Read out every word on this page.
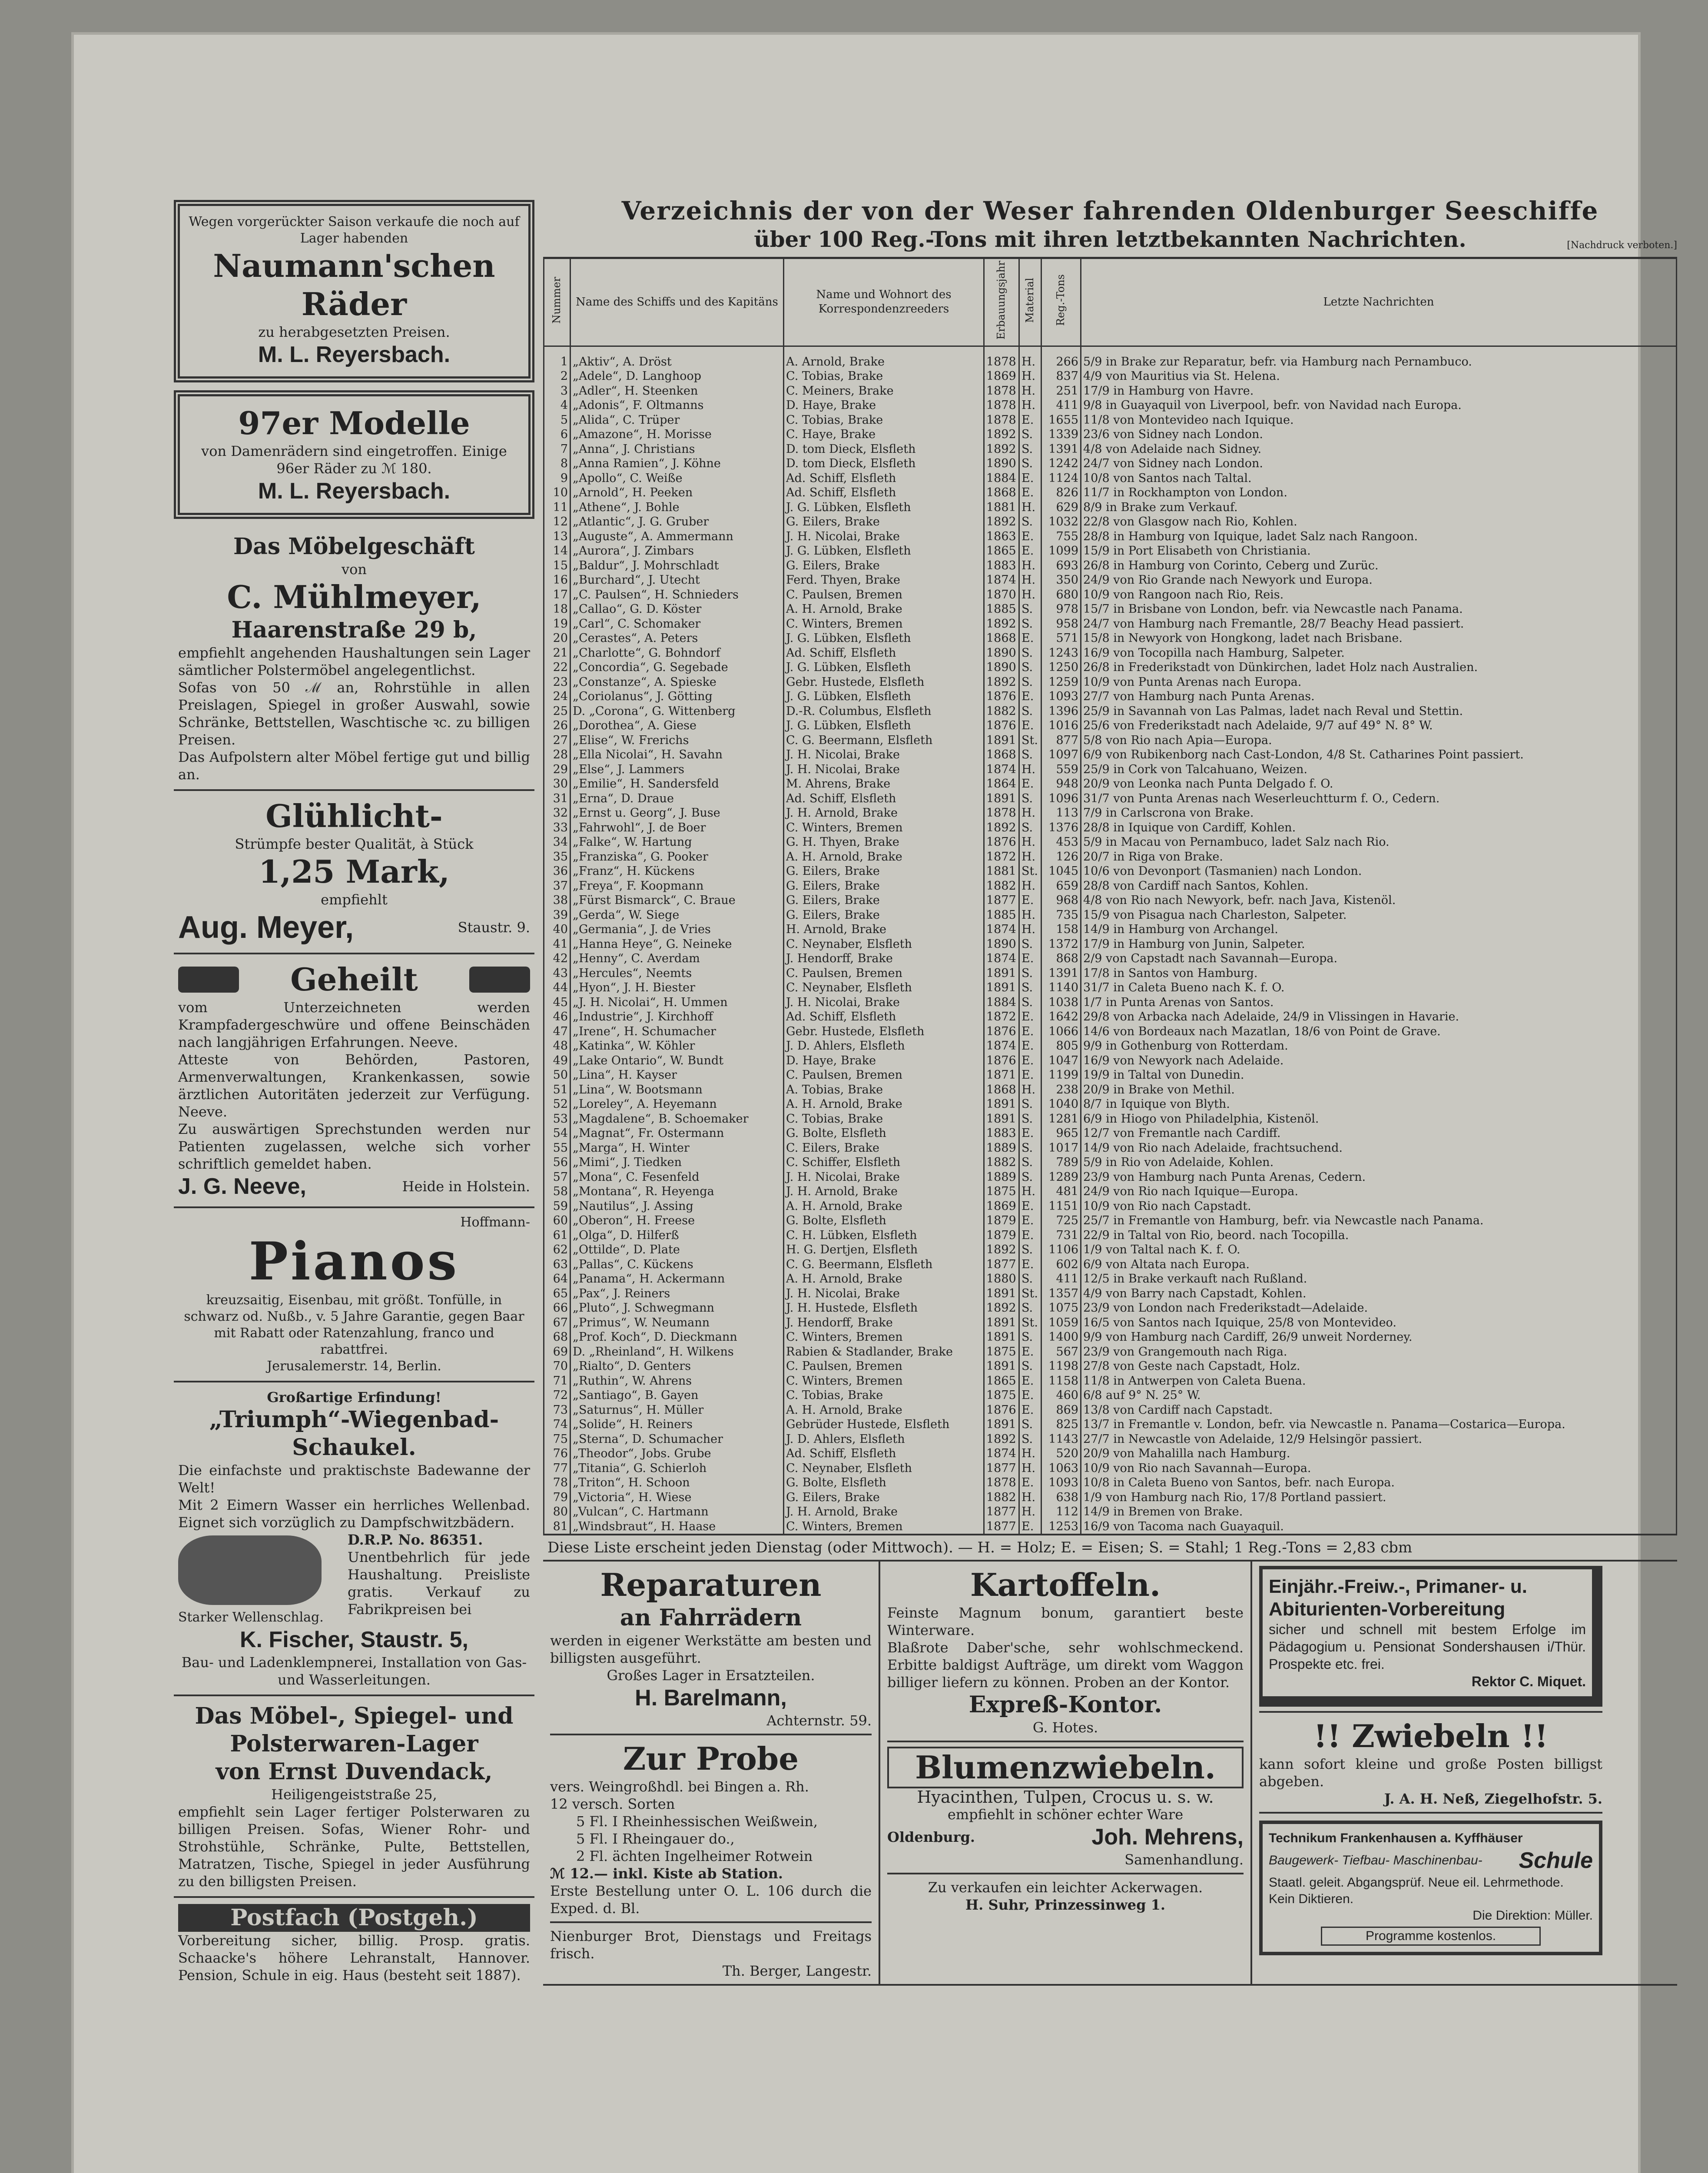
Wegen vorgerückter Saison verkaufe die noch auf Lager habenden
Naumann'schen
Räder
zu herabgesetzten Preisen.
M. L. Reyersbach.
97er Modelle
von Damenrädern sind eingetroffen. Einige 96er Räder zu ℳ 180.
M. L. Reyersbach.
Das Möbelgeschäft
von
C. Mühlmeyer,
Haarenstraße 29 b,
empfiehlt angehenden Haushaltungen sein Lager sämtlicher Polstermöbel angelegentlichst.
Sofas von 50 ℳ an, Rohrstühle in allen Preislagen, Spiegel in großer Auswahl, sowie Schränke, Bettstellen, Waschtische ꝛc. zu billigen Preisen.
Das Aufpolstern alter Möbel fertige gut und billig an.
Glühlicht-
Strümpfe bester Qualität, à Stück
1,25 Mark,
empfiehlt
Aug. Meyer,	Staustr. 9.
Geheilt
vom Unterzeichneten werden Krampfadergeschwüre und offene Beinschäden nach langjährigen Erfahrungen. Neeve.
Atteste von Behörden, Pastoren, Armenverwaltungen, Krankenkassen, sowie ärztlichen Autoritäten jederzeit zur Verfügung. Neeve.
Zu auswärtigen Sprechstunden werden nur Patienten zugelassen, welche sich vorher schriftlich gemeldet haben.
J. G. Neeve,	Heide in Holstein.
Hoffmann-
Pianos
kreuzsaitig, Eisenbau, mit größt. Tonfülle, in schwarz od. Nußb., v. 5 Jahre Garantie, gegen Baar mit Rabatt oder Ratenzahlung, franco und rabattfrei.
Jerusalemerstr. 14, Berlin.
Großartige Erfindung!
„Triumph“-Wiegenbad-Schaukel.
Die einfachste und praktischste Badewanne der Welt!
Mit 2 Eimern Wasser ein herrliches Wellenbad. Eignet sich vorzüglich zu Dampfschwitzbädern.
Starker Wellenschlag.
D.R.P. No. 86351.
Unentbehrlich für jede Haushaltung. Preisliste gratis. Verkauf zu Fabrikpreisen bei
K. Fischer, Staustr. 5,
Bau- und Ladenklempnerei, Installation von Gas- und Wasserleitungen.
Das Möbel-, Spiegel- und Polsterwaren-Lager
von Ernst Duvendack,
Heiligengeiststraße 25,
empfiehlt sein Lager fertiger Polsterwaren zu billigen Preisen. Sofas, Wiener Rohr- und Strohstühle, Schränke, Pulte, Bettstellen, Matratzen, Tische, Spiegel in jeder Ausführung zu den billigsten Preisen.
Postfach (Postgeh.)
Vorbereitung sicher, billig. Prosp. gratis. Schaacke's höhere Lehranstalt, Hannover. Pension, Schule in eig. Haus (besteht seit 1887).
Verzeichnis der von der Weser fahrenden Oldenburger Seeschiffe
über 100 Reg.-Tons mit ihren letztbekannten Nachrichten.	[Nachdruck verboten.]
Nummer	Name des Schiffs und des Kapitäns	Name und Wohnort des Korrespondenzreeders	Erbauungsjahr	Material	Reg.-Tons	Letzte Nachrichten
1	„Aktiv“, A. Dröst	A. Arnold, Brake	1878	H.	266	5/9 in Brake zur Reparatur, befr. via Hamburg nach Pernambuco.
2	„Adele“, D. Langhoop	C. Tobias, Brake	1869	H.	837	4/9 von Mauritius via St. Helena.
3	„Adler“, H. Steenken	C. Meiners, Brake	1878	H.	251	17/9 in Hamburg von Havre.
4	„Adonis“, F. Oltmanns	D. Haye, Brake	1878	H.	411	9/8 in Guayaquil von Liverpool, befr. von Navidad nach Europa.
5	„Alida“, C. Trüper	C. Tobias, Brake	1878	E.	1655	11/8 von Montevideo nach Iquique.
6	„Amazone“, H. Morisse	C. Haye, Brake	1892	S.	1339	23/6 von Sidney nach London.
7	„Anna“, J. Christians	D. tom Dieck, Elsfleth	1892	S.	1391	4/8 von Adelaide nach Sidney.
8	„Anna Ramien“, J. Köhne	D. tom Dieck, Elsfleth	1890	S.	1242	24/7 von Sidney nach London.
9	„Apollo“, C. Weiße	Ad. Schiff, Elsfleth	1884	E.	1124	10/8 von Santos nach Taltal.
10	„Arnold“, H. Peeken	Ad. Schiff, Elsfleth	1868	E.	826	11/7 in Rockhampton von London.
11	„Athene“, J. Bohle	J. G. Lübken, Elsfleth	1881	H.	629	8/9 in Brake zum Verkauf.
12	„Atlantic“, J. G. Gruber	G. Eilers, Brake	1892	S.	1032	22/8 von Glasgow nach Rio, Kohlen.
13	„Auguste“, A. Ammermann	J. H. Nicolai, Brake	1863	E.	755	28/8 in Hamburg von Iquique, ladet Salz nach Rangoon.
14	„Aurora“, J. Zimbars	J. G. Lübken, Elsfleth	1865	E.	1099	15/9 in Port Elisabeth von Christiania.
15	„Baldur“, J. Mohrschladt	G. Eilers, Brake	1883	H.	693	26/8 in Hamburg von Corinto, Ceberg und Zurüc.
16	„Burchard“, J. Utecht	Ferd. Thyen, Brake	1874	H.	350	24/9 von Rio Grande nach Newyork und Europa.
17	„C. Paulsen“, H. Schnieders	C. Paulsen, Bremen	1870	H.	680	10/9 von Rangoon nach Rio, Reis.
18	„Callao“, G. D. Köster	A. H. Arnold, Brake	1885	S.	978	15/7 in Brisbane von London, befr. via Newcastle nach Panama.
19	„Carl“, C. Schomaker	C. Winters, Bremen	1892	S.	958	24/7 von Hamburg nach Fremantle, 28/7 Beachy Head passiert.
20	„Cerastes“, A. Peters	J. G. Lübken, Elsfleth	1868	E.	571	15/8 in Newyork von Hongkong, ladet nach Brisbane.
21	„Charlotte“, G. Bohndorf	Ad. Schiff, Elsfleth	1890	S.	1243	16/9 von Tocopilla nach Hamburg, Salpeter.
22	„Concordia“, G. Segebade	J. G. Lübken, Elsfleth	1890	S.	1250	26/8 in Frederikstadt von Dünkirchen, ladet Holz nach Australien.
23	„Constanze“, A. Spieske	Gebr. Hustede, Elsfleth	1892	S.	1259	10/9 von Punta Arenas nach Europa.
24	„Coriolanus“, J. Götting	J. G. Lübken, Elsfleth	1876	E.	1093	27/7 von Hamburg nach Punta Arenas.
25	D. „Corona“, G. Wittenberg	D.-R. Columbus, Elsfleth	1882	S.	1396	25/9 in Savannah von Las Palmas, ladet nach Reval und Stettin.
26	„Dorothea“, A. Giese	J. G. Lübken, Elsfleth	1876	E.	1016	25/6 von Frederikstadt nach Adelaide, 9/7 auf 49° N. 8° W.
27	„Elise“, W. Frerichs	C. G. Beermann, Elsfleth	1891	St.	877	5/8 von Rio nach Apia—Europa.
28	„Ella Nicolai“, H. Savahn	J. H. Nicolai, Brake	1868	S.	1097	6/9 von Rubikenborg nach Cast-London, 4/8 St. Catharines Point passiert.
29	„Else“, J. Lammers	J. H. Nicolai, Brake	1874	H.	559	25/9 in Cork von Talcahuano, Weizen.
30	„Emilie“, H. Sandersfeld	M. Ahrens, Brake	1864	E.	948	20/9 von Leonka nach Punta Delgado f. O.
31	„Erna“, D. Draue	Ad. Schiff, Elsfleth	1891	S.	1096	31/7 von Punta Arenas nach Weserleuchtturm f. O., Cedern.
32	„Ernst u. Georg“, J. Buse	J. H. Arnold, Brake	1878	H.	113	7/9 in Carlscrona von Brake.
33	„Fahrwohl“, J. de Boer	C. Winters, Bremen	1892	S.	1376	28/8 in Iquique von Cardiff, Kohlen.
34	„Falke“, W. Hartung	G. H. Thyen, Brake	1876	H.	453	5/9 in Macau von Pernambuco, ladet Salz nach Rio.
35	„Franziska“, G. Pooker	A. H. Arnold, Brake	1872	H.	126	20/7 in Riga von Brake.
36	„Franz“, H. Kückens	G. Eilers, Brake	1881	St.	1045	10/6 von Devonport (Tasmanien) nach London.
37	„Freya“, F. Koopmann	G. Eilers, Brake	1882	H.	659	28/8 von Cardiff nach Santos, Kohlen.
38	„Fürst Bismarck“, C. Braue	G. Eilers, Brake	1877	E.	968	4/8 von Rio nach Newyork, befr. nach Java, Kistenöl.
39	„Gerda“, W. Siege	G. Eilers, Brake	1885	H.	735	15/9 von Pisagua nach Charleston, Salpeter.
40	„Germania“, J. de Vries	H. Arnold, Brake	1874	H.	158	14/9 in Hamburg von Archangel.
41	„Hanna Heye“, G. Neineke	C. Neynaber, Elsfleth	1890	S.	1372	17/9 in Hamburg von Junin, Salpeter.
42	„Henny“, C. Averdam	J. Hendorff, Brake	1874	E.	868	2/9 von Capstadt nach Savannah—Europa.
43	„Hercules“, Neemts	C. Paulsen, Bremen	1891	S.	1391	17/8 in Santos von Hamburg.
44	„Hyon“, J. H. Biester	C. Neynaber, Elsfleth	1891	S.	1140	31/7 in Caleta Bueno nach K. f. O.
45	„J. H. Nicolai“, H. Ummen	J. H. Nicolai, Brake	1884	S.	1038	1/7 in Punta Arenas von Santos.
46	„Industrie“, J. Kirchhoff	Ad. Schiff, Elsfleth	1872	E.	1642	29/8 von Arbacka nach Adelaide, 24/9 in Vlissingen in Havarie.
47	„Irene“, H. Schumacher	Gebr. Hustede, Elsfleth	1876	E.	1066	14/6 von Bordeaux nach Mazatlan, 18/6 von Point de Grave.
48	„Katinka“, W. Köhler	J. D. Ahlers, Elsfleth	1874	E.	805	9/9 in Gothenburg von Rotterdam.
49	„Lake Ontario“, W. Bundt	D. Haye, Brake	1876	E.	1047	16/9 von Newyork nach Adelaide.
50	„Lina“, H. Kayser	C. Paulsen, Bremen	1871	E.	1199	19/9 in Taltal von Dunedin.
51	„Lina“, W. Bootsmann	A. Tobias, Brake	1868	H.	238	20/9 in Brake von Methil.
52	„Loreley“, A. Heyemann	A. H. Arnold, Brake	1891	S.	1040	8/7 in Iquique von Blyth.
53	„Magdalene“, B. Schoemaker	C. Tobias, Brake	1891	S.	1281	6/9 in Hiogo von Philadelphia, Kistenöl.
54	„Magnat“, Fr. Ostermann	G. Bolte, Elsfleth	1883	E.	965	12/7 von Fremantle nach Cardiff.
55	„Marga“, H. Winter	C. Eilers, Brake	1889	S.	1017	14/9 von Rio nach Adelaide, frachtsuchend.
56	„Mimi“, J. Tiedken	C. Schiffer, Elsfleth	1882	S.	789	5/9 in Rio von Adelaide, Kohlen.
57	„Mona“, C. Fesenfeld	J. H. Nicolai, Brake	1889	S.	1289	23/9 von Hamburg nach Punta Arenas, Cedern.
58	„Montana“, R. Heyenga	J. H. Arnold, Brake	1875	H.	481	24/9 von Rio nach Iquique—Europa.
59	„Nautilus“, J. Assing	A. H. Arnold, Brake	1869	E.	1151	10/9 von Rio nach Capstadt.
60	„Oberon“, H. Freese	G. Bolte, Elsfleth	1879	E.	725	25/7 in Fremantle von Hamburg, befr. via Newcastle nach Panama.
61	„Olga“, D. Hilferß	C. H. Lübken, Elsfleth	1879	E.	731	22/9 in Taltal von Rio, beord. nach Tocopilla.
62	„Ottilde“, D. Plate	H. G. Dertjen, Elsfleth	1892	S.	1106	1/9 von Taltal nach K. f. O.
63	„Pallas“, C. Kückens	C. G. Beermann, Elsfleth	1877	E.	602	6/9 von Altata nach Europa.
64	„Panama“, H. Ackermann	A. H. Arnold, Brake	1880	S.	411	12/5 in Brake verkauft nach Rußland.
65	„Pax“, J. Reiners	J. H. Nicolai, Brake	1891	St.	1357	4/9 von Barry nach Capstadt, Kohlen.
66	„Pluto“, J. Schwegmann	J. H. Hustede, Elsfleth	1892	S.	1075	23/9 von London nach Frederikstadt—Adelaide.
67	„Primus“, W. Neumann	J. Hendorff, Brake	1891	St.	1059	16/5 von Santos nach Iquique, 25/8 von Montevideo.
68	„Prof. Koch“, D. Dieckmann	C. Winters, Bremen	1891	S.	1400	9/9 von Hamburg nach Cardiff, 26/9 unweit Norderney.
69	D. „Rheinland“, H. Wilkens	Rabien & Stadlander, Brake	1875	E.	567	23/9 von Grangemouth nach Riga.
70	„Rialto“, D. Genters	C. Paulsen, Bremen	1891	S.	1198	27/8 von Geste nach Capstadt, Holz.
71	„Ruthin“, W. Ahrens	C. Winters, Bremen	1865	E.	1158	11/8 in Antwerpen von Caleta Buena.
72	„Santiago“, B. Gayen	C. Tobias, Brake	1875	E.	460	6/8 auf 9° N. 25° W.
73	„Saturnus“, H. Müller	A. H. Arnold, Brake	1876	E.	869	13/8 von Cardiff nach Capstadt.
74	„Solide“, H. Reiners	Gebrüder Hustede, Elsfleth	1891	S.	825	13/7 in Fremantle v. London, befr. via Newcastle n. Panama—Costarica—Europa.
75	„Sterna“, D. Schumacher	J. D. Ahlers, Elsfleth	1892	S.	1143	27/7 in Newcastle von Adelaide, 12/9 Helsingör passiert.
76	„Theodor“, Jobs. Grube	Ad. Schiff, Elsfleth	1874	H.	520	20/9 von Mahalilla nach Hamburg.
77	„Titania“, G. Schierloh	C. Neynaber, Elsfleth	1877	H.	1063	10/9 von Rio nach Savannah—Europa.
78	„Triton“, H. Schoon	G. Bolte, Elsfleth	1878	E.	1093	10/8 in Caleta Bueno von Santos, befr. nach Europa.
79	„Victoria“, H. Wiese	G. Eilers, Brake	1882	H.	638	1/9 von Hamburg nach Rio, 17/8 Portland passiert.
80	„Vulcan“, C. Hartmann	J. H. Arnold, Brake	1877	H.	112	14/9 in Bremen von Brake.
81	„Windsbraut“, H. Haase	C. Winters, Bremen	1877	E.	1253	16/9 von Tacoma nach Guayaquil.
Diese Liste erscheint jeden Dienstag (oder Mittwoch). — H. = Holz; E. = Eisen; S. = Stahl; 1 Reg.-Tons = 2,83 cbm
Reparaturen
an Fahrrädern
werden in eigener Werkstätte am besten und billigsten ausgeführt.
Großes Lager in Ersatzteilen.
H. Barelmann,
Achternstr. 59.
Zur Probe
vers. Weingroßhdl. bei Bingen a. Rh.
12 versch. Sorten
5 Fl. I Rheinhessischen Weißwein,
5 Fl. I Rheingauer do.,
2 Fl. ächten Ingelheimer Rotwein
ℳ 12.— inkl. Kiste ab Station.
Erste Bestellung unter O. L. 106 durch die Exped. d. Bl.
Nienburger Brot, Dienstags und Freitags frisch.
Th. Berger, Langestr.
Kartoffeln.
Feinste Magnum bonum, garantiert beste Winterware.
Blaßrote Daber'sche, sehr wohlschmeckend. Erbitte baldigst Aufträge, um direkt vom Waggon billiger liefern zu können. Proben an der Kontor.
Expreß-Kontor.
G. Hotes.
Blumenzwiebeln.
Hyacinthen, Tulpen, Crocus u. s. w.
empfiehlt in schöner echter Ware
Oldenburg.	Joh. Mehrens,
Samenhandlung.
Zu verkaufen ein leichter Ackerwagen.
H. Suhr, Prinzessinweg 1.
Einjähr.-Freiw.-, Primaner- u. Abiturienten-Vorbereitung
sicher und schnell mit bestem Erfolge im Pädagogium u. Pensionat Sondershausen i/Thür. Prospekte etc. frei.
Rektor C. Miquet.
!! Zwiebeln !!
kann sofort kleine und große Posten billigst abgeben.
J. A. H. Neß, Ziegelhofstr. 5.
Technikum Frankenhausen a. Kyffhäuser
Baugewerk- Tiefbau- Maschinenbau- Schule
Staatl. geleit. Abgangsprüf. Neue eil. Lehrmethode. Kein Diktieren.
Die Direktion: Müller.
Programme kostenlos.
